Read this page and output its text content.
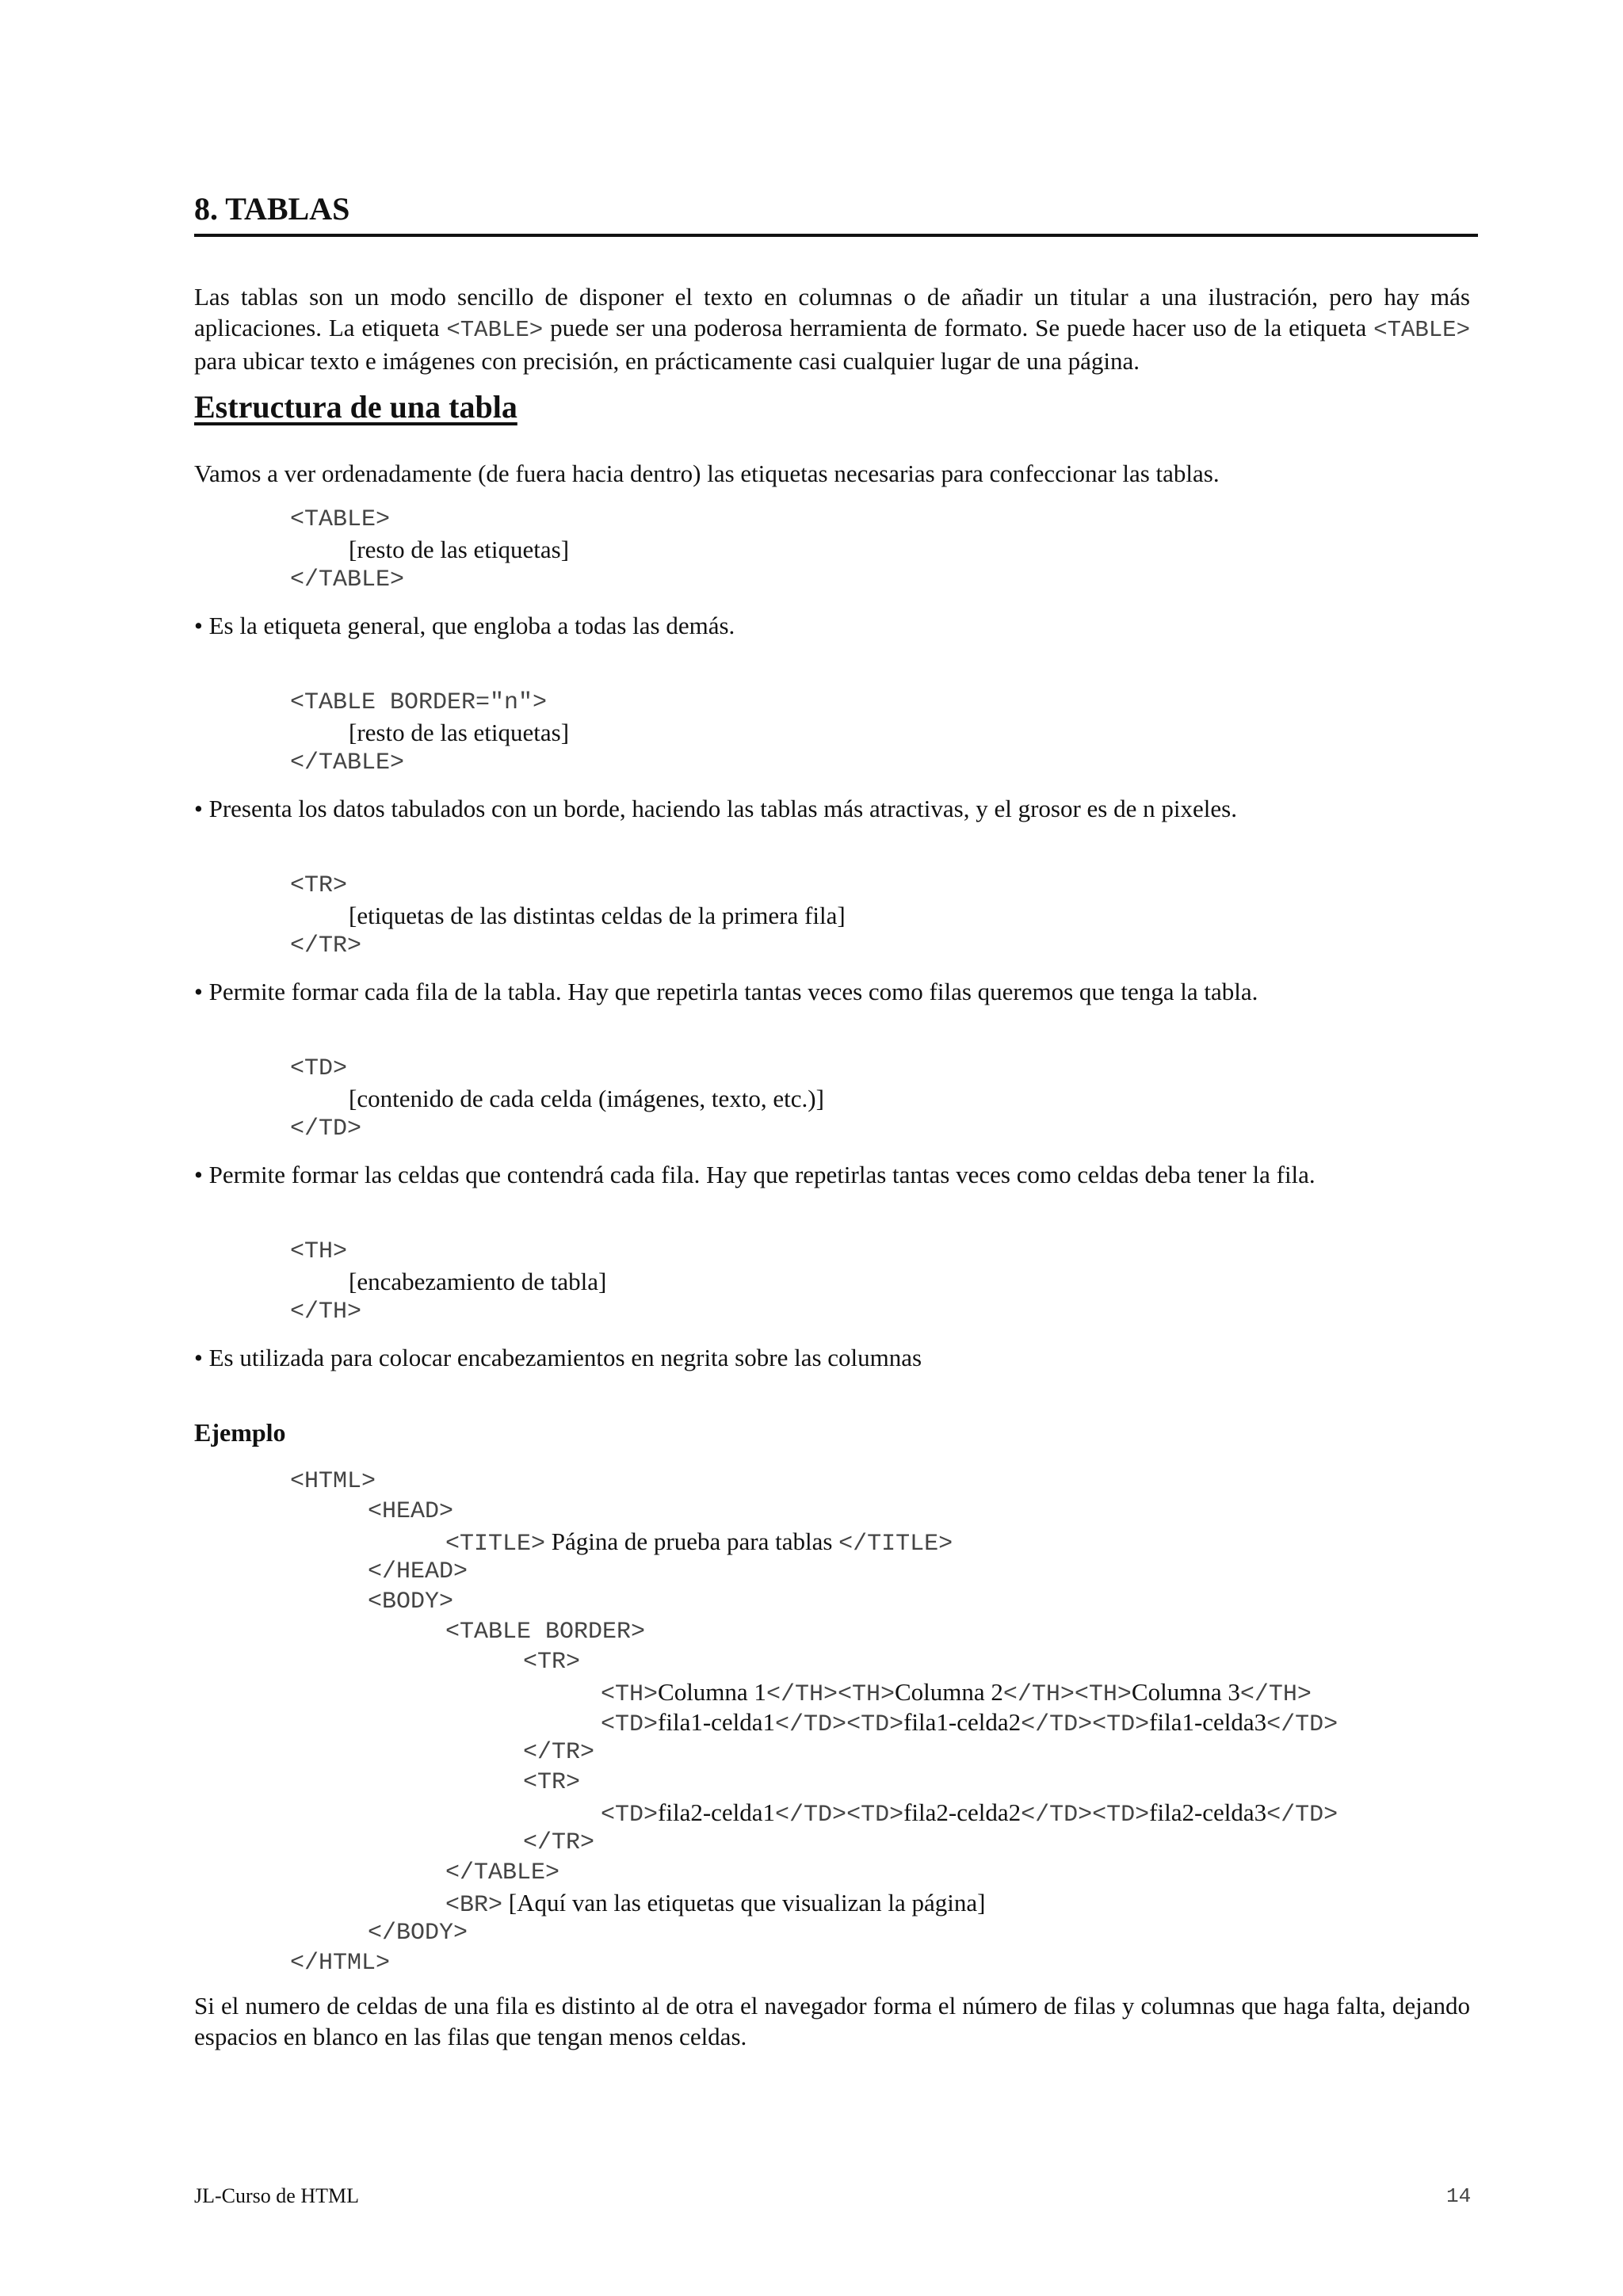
8. TABLAS
Las tablas son un modo sencillo de disponer el texto en columnas o de añadir un titular a una ilustración, pero hay más aplicaciones. La etiqueta <TABLE> puede ser una poderosa herramienta de formato. Se puede hacer uso de la etiqueta <TABLE> para ubicar texto e imágenes con precisión, en prácticamente casi cualquier lugar de una página.
Estructura de una tabla
Vamos a ver ordenadamente (de fuera hacia dentro) las etiquetas necesarias para confeccionar las tablas.
<TABLE>
[resto de las etiquetas]
</TABLE>
• Es la etiqueta general, que engloba a todas las demás.
<TABLE BORDER="n">
[resto de las etiquetas]
</TABLE>
• Presenta los datos tabulados con un borde, haciendo las tablas más atractivas, y el grosor es de n pixeles.
<TR>
[etiquetas de las distintas celdas de la primera fila]
</TR>
• Permite formar cada fila de la tabla. Hay que repetirla tantas veces como filas queremos que tenga la tabla.
<TD>
[contenido de cada celda (imágenes, texto, etc.)]
</TD>
• Permite formar las celdas que contendrá cada fila. Hay que repetirlas tantas veces como celdas deba tener la fila.
<TH>
[encabezamiento de tabla]
</TH>
• Es utilizada para colocar encabezamientos en negrita sobre las columnas
Ejemplo
<HTML>
<HEAD>
<TITLE> Página de prueba para tablas </TITLE>
</HEAD>
<BODY>
<TABLE BORDER>
<TR>
<TH>Columna 1</TH><TH>Columna 2</TH><TH>Columna 3</TH>
<TD>fila1-celda1</TD><TD>fila1-celda2</TD><TD>fila1-celda3</TD>
</TR>
<TR>
<TD>fila2-celda1</TD><TD>fila2-celda2</TD><TD>fila2-celda3</TD>
</TR>
</TABLE>
<BR> [Aquí van las etiquetas que visualizan la página]
</BODY>
</HTML>
Si el numero de celdas de una fila es distinto al de otra el navegador forma el número de filas y columnas que haga falta, dejando espacios en blanco en las filas que tengan menos celdas.
JL-Curso de HTML	14
